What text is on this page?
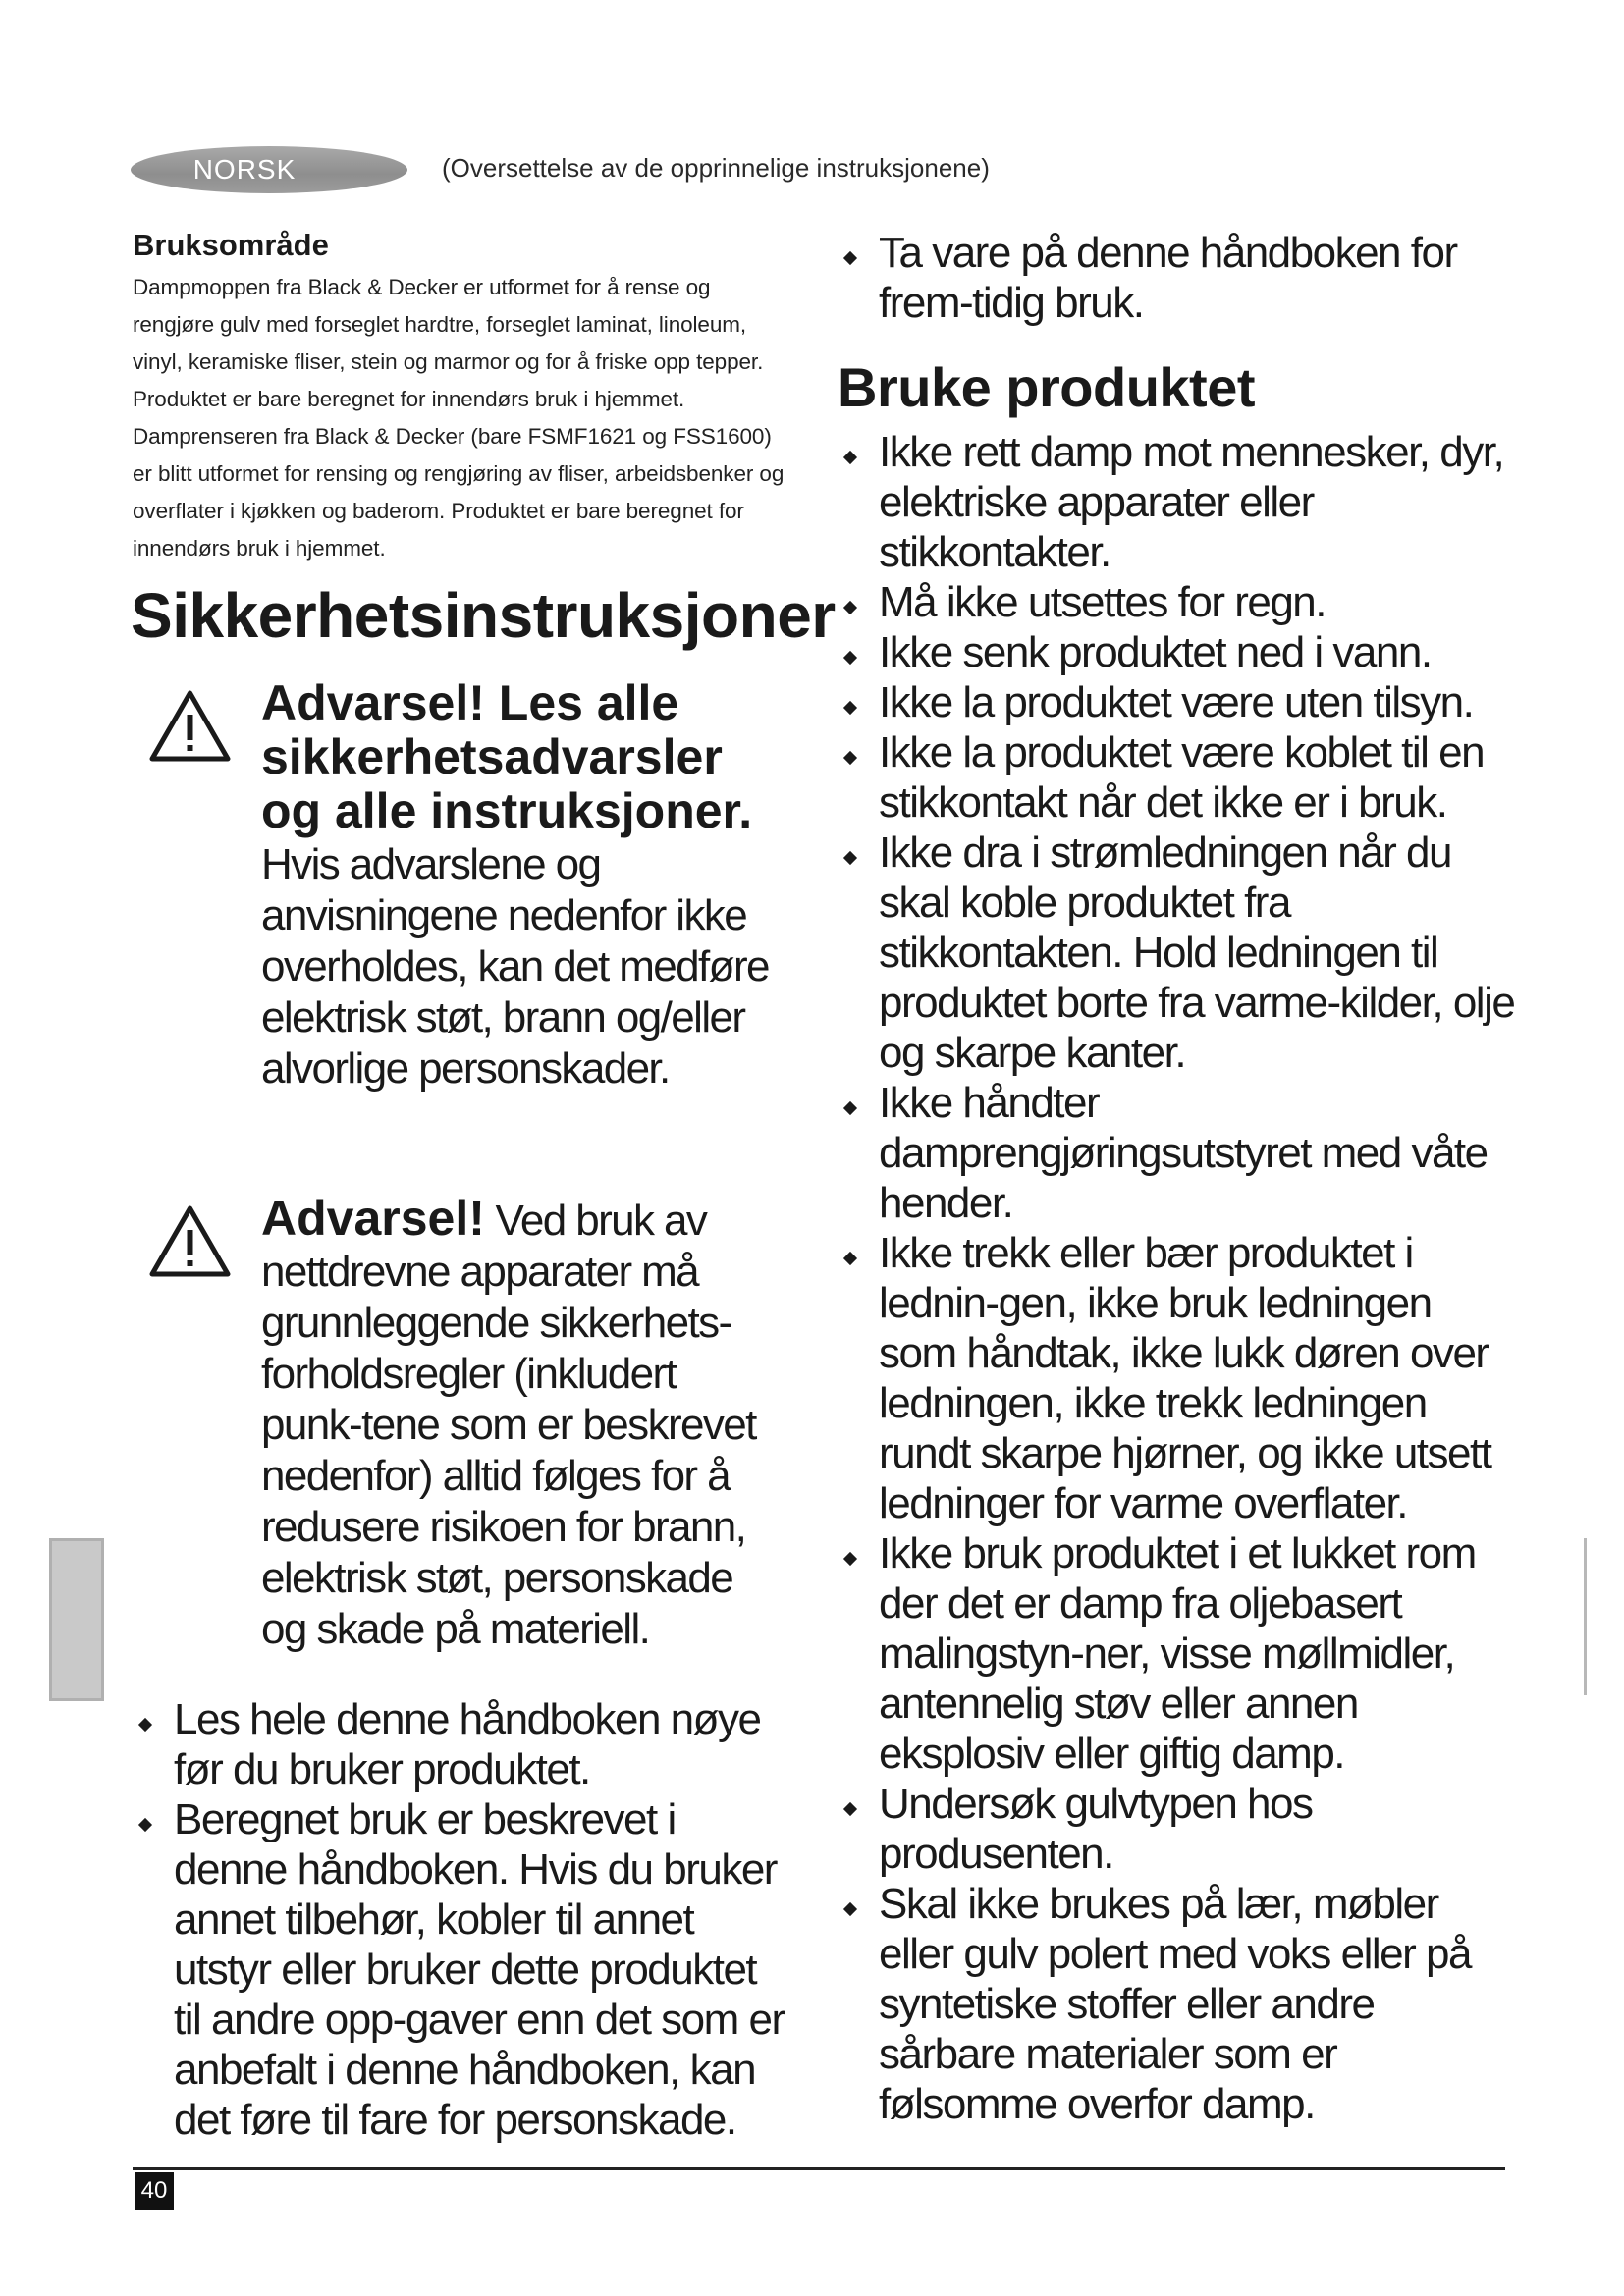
NORSK	(Oversettelse av de opprinnelige instruksjonene)
Bruksområde

Dampmoppen fra Black & Decker er utformet for å rense og rengjøre gulv med forseglet hardtre, forseglet laminat, linoleum, vinyl, keramiske fliser, stein og marmor og for å friske opp tepper. Produktet er bare beregnet for innendørs bruk i hjemmet.

Damprenseren fra Black & Decker (bare FSMF1621 og FSS1600) er blitt utformet for rensing og rengjøring av fliser, arbeidsbenker og overflater i kjøkken og baderom. Produktet er bare beregnet for innendørs bruk i hjemmet.

Sikkerhetsinstruksjoner
Advarsel! Les alle sikkerhetsadvarsler og alle instruksjoner. Hvis advarslene og anvisningene nedenfor ikke overholdes, kan det medføre elektrisk støt, brann og/eller alvorlige personskader.
Advarsel! Ved bruk av nettdrevne apparater må grunnleggende sikkerhets-forholdsregler (inkludert punk-tene som er beskrevet nedenfor) alltid følges for å redusere risikoen for brann, elektrisk støt, personskade og skade på materiell.
Les hele denne håndboken nøye før du bruker produktet.
Beregnet bruk er beskrevet i denne håndboken. Hvis du bruker annet tilbehør, kobler til annet utstyr eller bruker dette produktet til andre opp-gaver enn det som er anbefalt i denne håndboken, kan det føre til fare for personskade.
Ta vare på denne håndboken for frem-tidig bruk.
Bruke produktet
Ikke rett damp mot mennesker, dyr, elektriske apparater eller stikkontakter.
Må ikke utsettes for regn.
Ikke senk produktet ned i vann.
Ikke la produktet være uten tilsyn.
Ikke la produktet være koblet til en stikkontakt når det ikke er i bruk.
Ikke dra i strømledningen når du skal koble produktet fra stikkontakten. Hold ledningen til produktet borte fra varme-kilder, olje og skarpe kanter.
Ikke håndter damprengjøringsutstyret med våte hender.
Ikke trekk eller bær produktet i lednin-gen, ikke bruk ledningen som håndtak, ikke lukk døren over ledningen, ikke trekk ledningen rundt skarpe hjørner, og ikke utsett ledninger for varme overflater.
Ikke bruk produktet i et lukket rom der det er damp fra oljebasert malingstyn-ner, visse møllmidler, antennelig støv eller annen eksplosiv eller giftig damp.
Undersøk gulvtypen hos produsenten.
Skal ikke brukes på lær, møbler eller gulv polert med voks eller på syntetiske stoffer eller andre sårbare materialer som er følsomme overfor damp.
40
